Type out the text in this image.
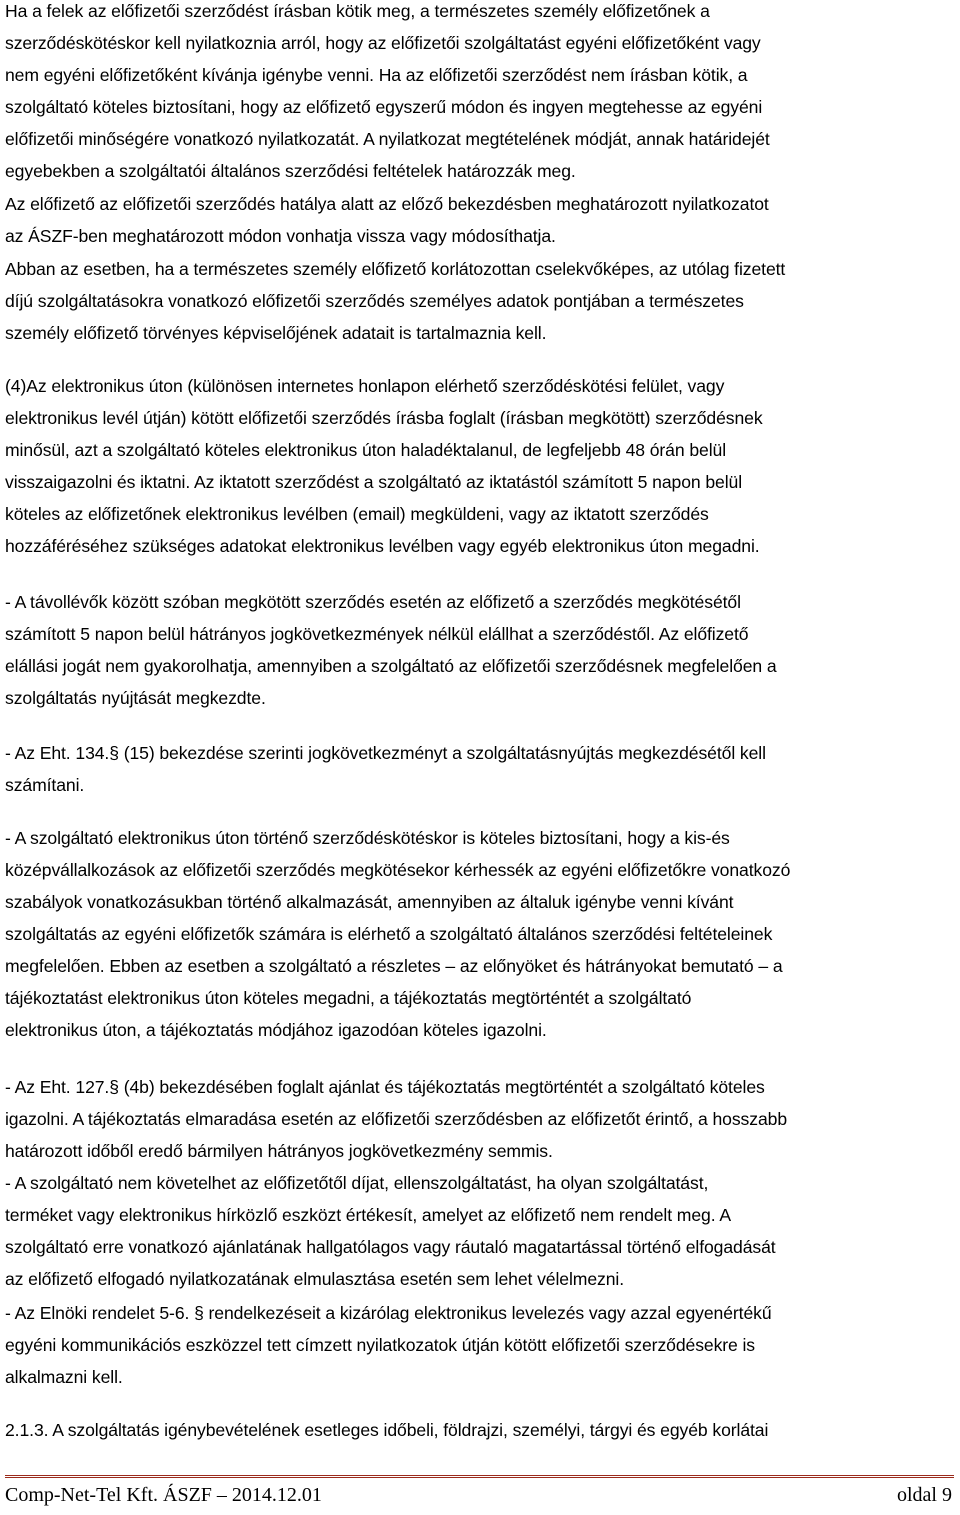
Ha a felek az előfizetői szerződést írásban kötik meg, a természetes személy előfizetőnek a
szerződéskötéskor kell nyilatkoznia arról, hogy az előfizetői szolgáltatást egyéni előfizetőként vagy
nem egyéni előfizetőként kívánja igénybe venni. Ha az előfizetői szerződést nem írásban kötik, a
szolgáltató köteles biztosítani, hogy az előfizető egyszerű módon és ingyen megtehesse az egyéni
előfizetői minőségére vonatkozó nyilatkozatát. A nyilatkozat megtételének módját, annak határidejét
egyebekben a szolgáltatói általános szerződési feltételek határozzák meg.

Az előfizető az előfizetői szerződés hatálya alatt az előző bekezdésben meghatározott nyilatkozatot
az ÁSZF-ben meghatározott módon vonhatja vissza vagy módosíthatja.

Abban az esetben, ha a természetes személy előfizető korlátozottan cselekvőképes, az utólag fizetett
díjú szolgáltatásokra vonatkozó előfizetői szerződés személyes adatok pontjában a természetes
személy előfizető törvényes képviselőjének adatait is tartalmaznia kell.

(4)Az elektronikus úton (különösen internetes honlapon elérhető szerződéskötési felület, vagy
elektronikus levél útján) kötött előfizetői szerződés írásba foglalt (írásban megkötött) szerződésnek
minősül, azt a szolgáltató köteles elektronikus úton haladéktalanul, de legfeljebb 48 órán belül
visszaigazolni és iktatni. Az iktatott szerződést a szolgáltató az iktatástól számított 5 napon belül
köteles az előfizetőnek elektronikus levélben (email) megküldeni, vagy az iktatott szerződés
hozzáféréséhez szükséges adatokat elektronikus levélben vagy egyéb elektronikus úton megadni.

- A távollévők között szóban megkötött szerződés esetén az előfizető a szerződés megkötésétől
számított 5 napon belül hátrányos jogkövetkezmények nélkül elállhat a szerződéstől. Az előfizető
elállási jogát nem gyakorolhatja, amennyiben a szolgáltató az előfizetői szerződésnek megfelelően a
szolgáltatás nyújtását megkezdte.

- Az Eht. 134.§ (15) bekezdése szerinti jogkövetkezményt a szolgáltatásnyújtás megkezdésétől kell
számítani.

- A szolgáltató elektronikus úton történő szerződéskötéskor is köteles biztosítani, hogy a kis-és
középvállalkozások az előfizetői szerződés megkötésekor kérhessék az egyéni előfizetőkre vonatkozó
szabályok vonatkozásukban történő alkalmazását, amennyiben az általuk igénybe venni kívánt
szolgáltatás az egyéni előfizetők számára is elérhető a szolgáltató általános szerződési feltételeinek
megfelelően. Ebben az esetben a szolgáltató a részletes – az előnyöket és hátrányokat bemutató – a
tájékoztatást elektronikus úton köteles megadni, a tájékoztatás megtörténtét a szolgáltató
elektronikus úton, a tájékoztatás módjához igazodóan köteles igazolni.

- Az Eht. 127.§ (4b) bekezdésében foglalt ajánlat és tájékoztatás megtörténtét a szolgáltató köteles
igazolni. A tájékoztatás elmaradása esetén az előfizetői szerződésben az előfizetőt érintő, a hosszabb
határozott időből eredő bármilyen hátrányos jogkövetkezmény semmis.

- A szolgáltató nem követelhet az előfizetőtől díjat, ellenszolgáltatást, ha olyan szolgáltatást,
terméket vagy elektronikus hírközlő eszközt értékesít, amelyet az előfizető nem rendelt meg. A
szolgáltató erre vonatkozó ajánlatának hallgatólagos vagy ráutaló magatartással történő elfogadását
az előfizető elfogadó nyilatkozatának elmulasztása esetén sem lehet vélelmezni.

- Az Elnöki rendelet 5-6. § rendelkezéseit a kizárólag elektronikus levelezés vagy azzal egyenértékű
egyéni kommunikációs eszközzel tett címzett nyilatkozatok útján kötött előfizetői szerződésekre is
alkalmazni kell.

2.1.3. A szolgáltatás igénybevételének esetleges időbeli, földrajzi, személyi, tárgyi és egyéb korlátai

Comp-Net-Tel Kft. ÁSZF – 2014.12.01	oldal 9
